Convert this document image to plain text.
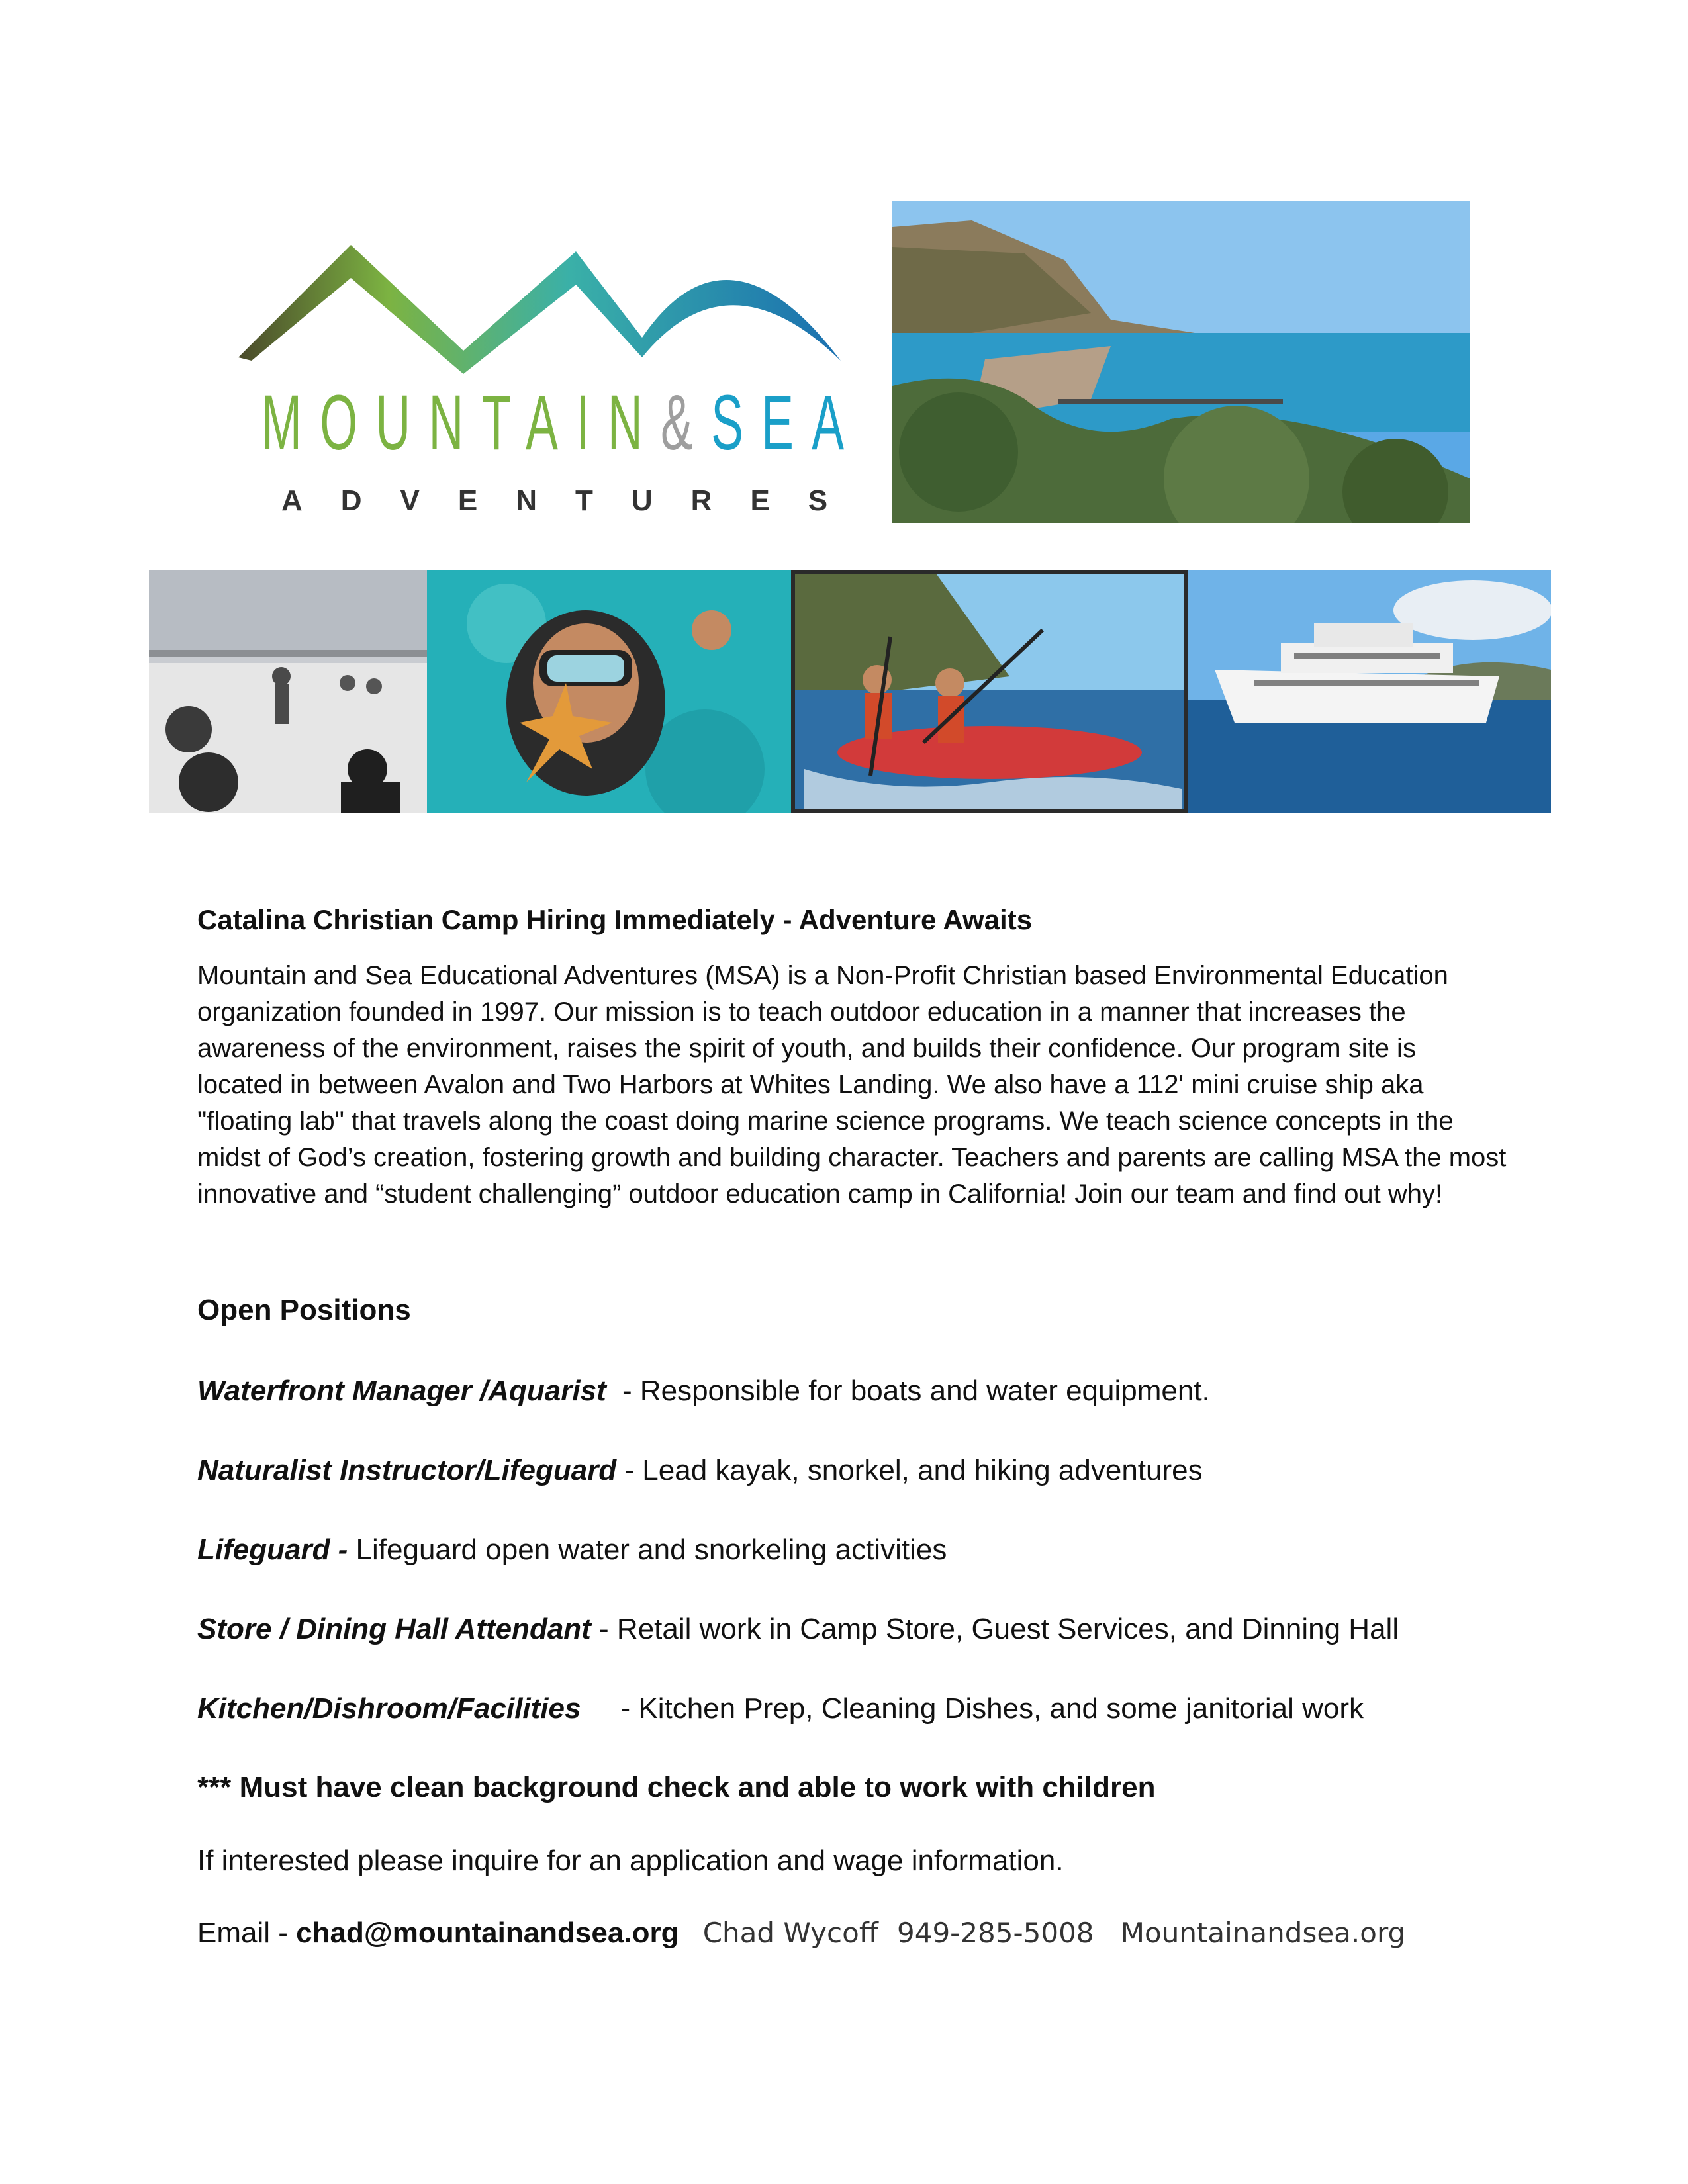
MOUNTAIN&SEA
ADVENTURES
Catalina Christian Camp Hiring Immediately - Adventure Awaits

Mountain and Sea Educational Adventures (MSA) is a Non-Profit Christian based Environmental Education organization founded in 1997. Our mission is to teach outdoor education in a manner that increases the awareness of the environment, raises the spirit of youth, and builds their confidence. Our program site is located in between Avalon and Two Harbors at Whites Landing. We also have a 112' mini cruise ship aka "floating lab" that travels along the coast doing marine science programs. We teach science concepts in the midst of God’s creation, fostering growth and building character. Teachers and parents are calling MSA the most innovative and “student challenging” outdoor education camp in California! Join our team and find out why!

Open Positions
Waterfront Manager /Aquarist - Responsible for boats and water equipment.
Naturalist Instructor/Lifeguard - Lead kayak, snorkel, and hiking adventures
Lifeguard - Lifeguard open water and snorkeling activities
Store / Dining Hall Attendant - Retail work in Camp Store, Guest Services, and Dinning Hall
Kitchen/Dishroom/Facilities - Kitchen Prep, Cleaning Dishes, and some janitorial work
*** Must have clean background check and able to work with children
If interested please inquire for an application and wage information.
Email - chad@mountainandsea.org Chad Wycoff 949-285-5008 Mountainandsea.org
